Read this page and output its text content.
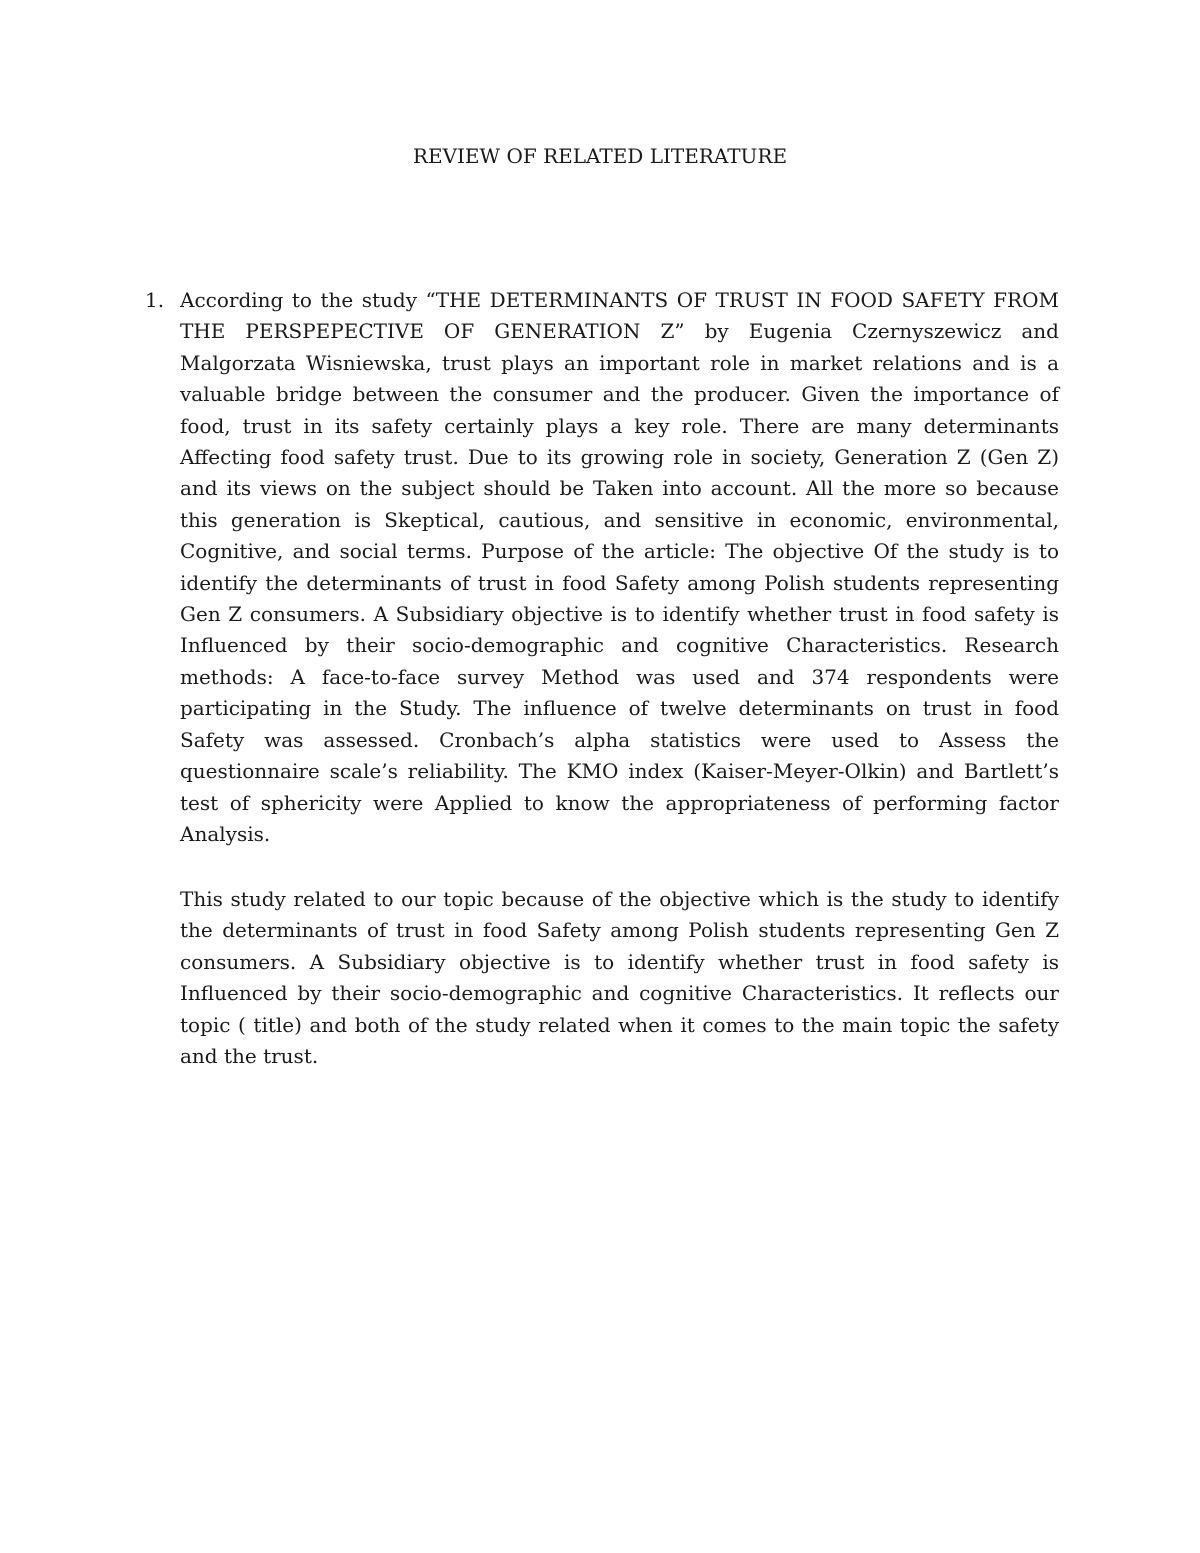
REVIEW OF RELATED LITERATURE
1. According to the study “THE DETERMINANTS OF TRUST IN FOOD SAFETY FROM THE PERSPEPECTIVE OF GENERATION Z” by Eugenia Czernyszewicz and Malgorzata Wisniewska, trust plays an important role in market relations and is a valuable bridge between the consumer and the producer. Given the importance of food, trust in its safety certainly plays a key role. There are many determinants Affecting food safety trust. Due to its growing role in society, Generation Z (Gen Z) and its views on the subject should be Taken into account. All the more so because this generation is Skeptical, cautious, and sensitive in economic, environmental, Cognitive, and social terms. Purpose of the article: The objective Of the study is to identify the determinants of trust in food Safety among Polish students representing Gen Z consumers. A Subsidiary objective is to identify whether trust in food safety is Influenced by their socio-demographic and cognitive Characteristics. Research methods: A face-to-face survey Method was used and 374 respondents were participating in the Study. The influence of twelve determinants on trust in food Safety was assessed. Cronbach’s alpha statistics were used to Assess the questionnaire scale’s reliability. The KMO index (Kaiser-Meyer-Olkin) and Bartlett’s test of sphericity were Applied to know the appropriateness of performing factor Analysis.

This study related to our topic because of the objective which is the study to identify the determinants of trust in food Safety among Polish students representing Gen Z consumers. A Subsidiary objective is to identify whether trust in food safety is Influenced by their socio-demographic and cognitive Characteristics. It reflects our topic ( title) and both of the study related when it comes to the main topic the safety and the trust.
